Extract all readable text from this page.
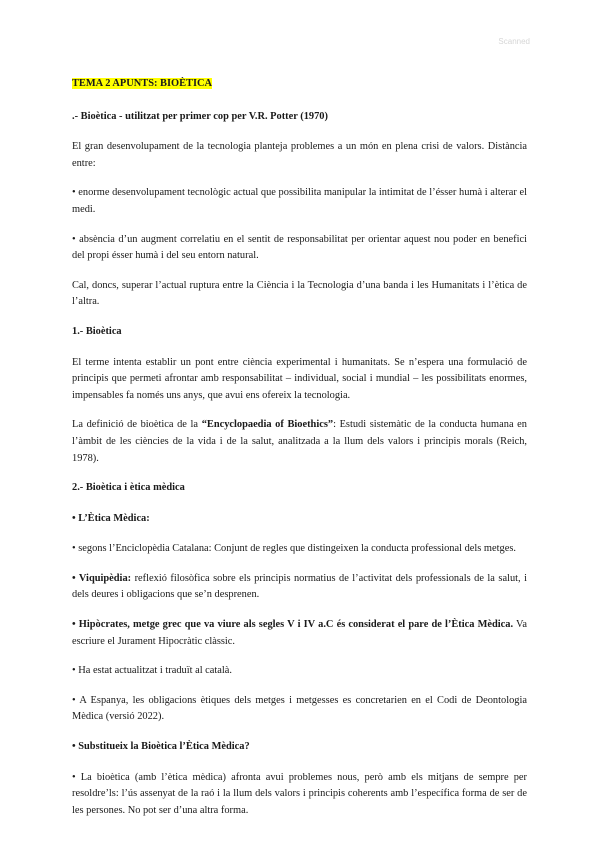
Scanned

TEMA 2 APUNTS: BIOÈTICA

.- Bioètica - utilitzat per primer cop per V.R. Potter (1970)

El gran desenvolupament de la tecnologia planteja problemes a un món en plena crisi de valors. Distància entre:

• enorme desenvolupament tecnològic actual que possibilita manipular la intimitat de l’ésser humà i alterar el medi.

• absència d’un augment correlatiu en el sentit de responsabilitat per orientar aquest nou poder en benefici del propi ésser humà i del seu entorn natural.

Cal, doncs, superar l’actual ruptura entre la Ciència i la Tecnologia d’una banda i les Humanitats i l’ètica de l’altra.

1.- Bioètica

El terme intenta establir un pont entre ciència experimental i humanitats. Se n’espera una formulació de principis que permeti afrontar amb responsabilitat – individual, social i mundial – les possibilitats enormes, impensables fa només uns anys, que avui ens ofereix la tecnologia.

La definició de bioètica de la “Encyclopaedia of Bioethics”: Estudi sistemàtic de la conducta humana en l’àmbit de les ciències de la vida i de la salut, analitzada a la llum dels valors i principis morals (Reich, 1978).

2.- Bioètica i ètica mèdica

• L’Ètica Mèdica:

• segons l’Enciclopèdia Catalana: Conjunt de regles que distingeixen la conducta professional dels metges.

• Viquipèdia: reflexió filosòfica sobre els principis normatius de l’activitat dels professionals de la salut, i dels deures i obligacions que se’n desprenen.

• Hipòcrates, metge grec que va viure als segles V i IV a.C és considerat el pare de l’Ètica Mèdica. Va escriure el Jurament Hipocràtic clàssic.

• Ha estat actualitzat i traduït al català.

• A Espanya, les obligacions ètiques dels metges i metgesses es concretarien en el Codi de Deontologia Mèdica (versió 2022).

• Substitueix la Bioètica l’Ètica Mèdica?

• La bioètica (amb l’ètica mèdica) afronta avui problemes nous, però amb els mitjans de sempre per resoldre’ls: l’ús assenyat de la raó i la llum dels valors i principis coherents amb l’específica forma de ser de les persones. No pot ser d’una altra forma.
